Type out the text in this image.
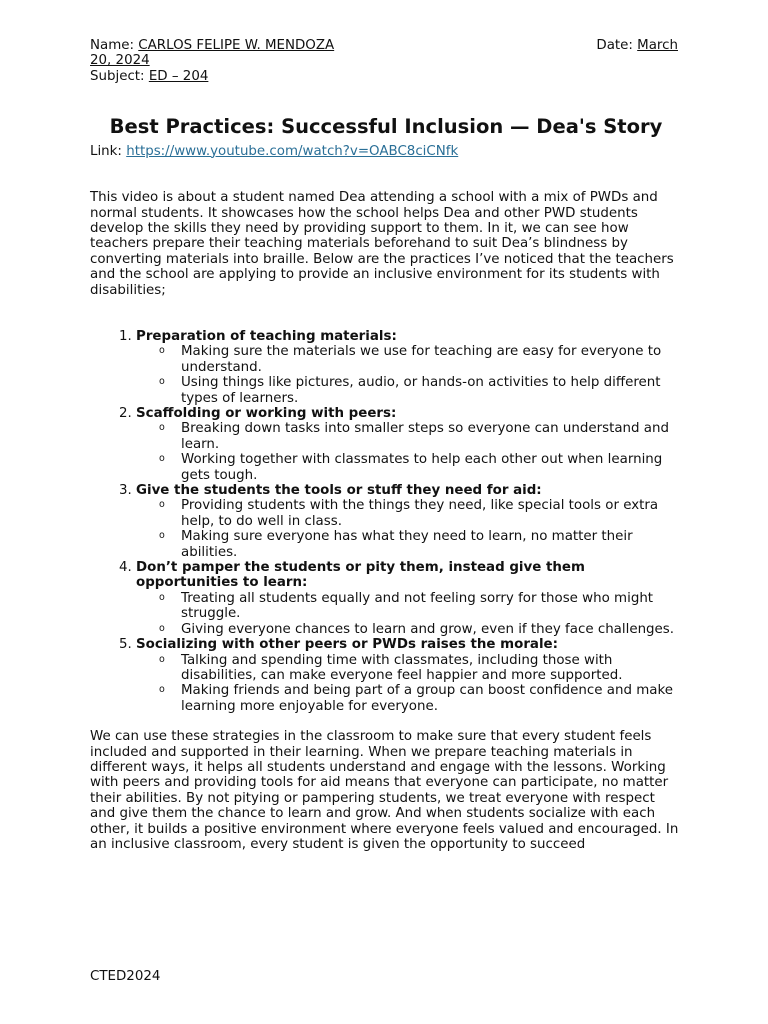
Name: CARLOS FELIPE W. MENDOZA	Date: March
20, 2024
Subject: ED – 204
Best Practices: Successful Inclusion — Dea's Story
Link: https://www.youtube.com/watch?v=OABC8ciCNfk
This video is about a student named Dea attending a school with a mix of PWDs and normal students. It showcases how the school helps Dea and other PWD students develop the skills they need by providing support to them. In it, we can see how teachers prepare their teaching materials beforehand to suit Dea’s blindness by converting materials into braille. Below are the practices I’ve noticed that the teachers and the school are applying to provide an inclusive environment for its students with disabilities;
1. Preparation of teaching materials:
o Making sure the materials we use for teaching are easy for everyone to understand.
o Using things like pictures, audio, or hands-on activities to help different types of learners.
2. Scaffolding or working with peers:
o Breaking down tasks into smaller steps so everyone can understand and learn.
o Working together with classmates to help each other out when learning gets tough.
3. Give the students the tools or stuff they need for aid:
o Providing students with the things they need, like special tools or extra help, to do well in class.
o Making sure everyone has what they need to learn, no matter their abilities.
4. Don’t pamper the students or pity them, instead give them opportunities to learn:
o Treating all students equally and not feeling sorry for those who might struggle.
o Giving everyone chances to learn and grow, even if they face challenges.
5. Socializing with other peers or PWDs raises the morale:
o Talking and spending time with classmates, including those with disabilities, can make everyone feel happier and more supported.
o Making friends and being part of a group can boost confidence and make learning more enjoyable for everyone.
We can use these strategies in the classroom to make sure that every student feels included and supported in their learning. When we prepare teaching materials in different ways, it helps all students understand and engage with the lessons. Working with peers and providing tools for aid means that everyone can participate, no matter their abilities. By not pitying or pampering students, we treat everyone with respect and give them the chance to learn and grow. And when students socialize with each other, it builds a positive environment where everyone feels valued and encouraged. In an inclusive classroom, every student is given the opportunity to succeed
CTED2024
